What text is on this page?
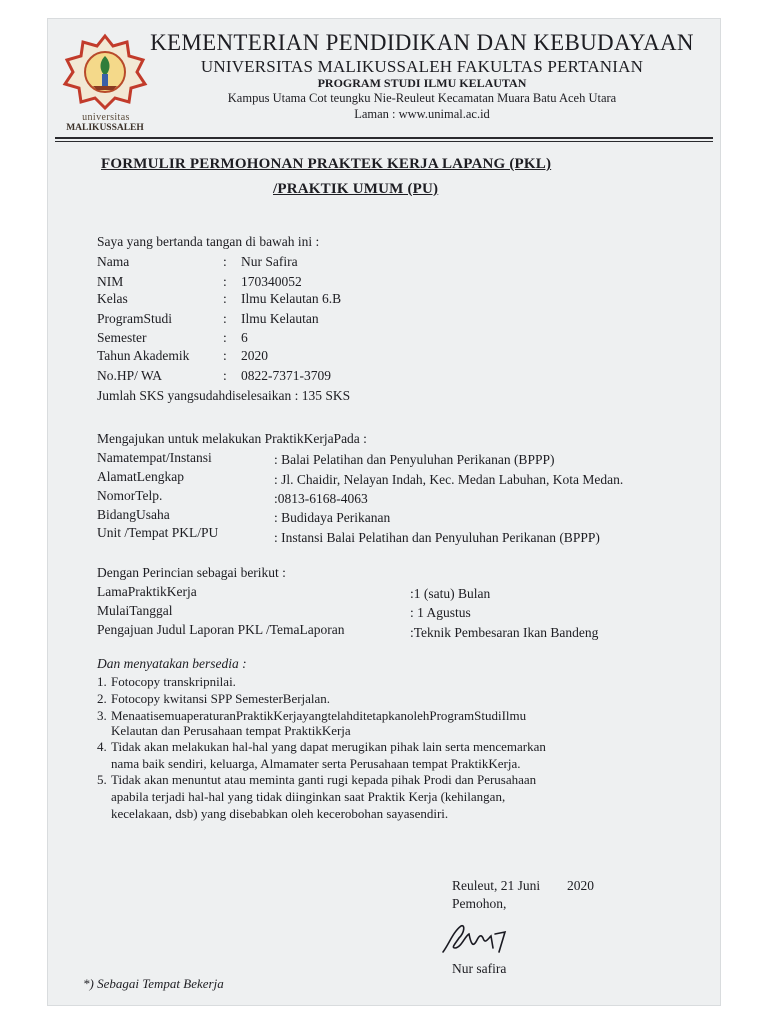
universitas
MALIKUSSALEH
KEMENTERIAN PENDIDIKAN DAN KEBUDAYAAN
UNIVERSITAS MALIKUSSALEH FAKULTAS PERTANIAN
PROGRAM STUDI ILMU KELAUTAN
Kampus Utama Cot teungku Nie-Reuleut Kecamatan Muara Batu Aceh Utara
Laman : www.unimal.ac.id
FORMULIR PERMOHONAN PRAKTEK KERJA LAPANG (PKL)
/PRAKTIK UMUM (PU)
Saya yang bertanda tangan di bawah ini :
Nama	: Nur Safira
NIM	: 170340052
Kelas	: Ilmu Kelautan 6.B
ProgramStudi	: Ilmu Kelautan
Semester	: 6
Tahun Akademik : 2020
No.HP/ WA	: 0822-7371-3709
Jumlah SKS yangsudahdiselesaikan : 135 SKS
Mengajukan untuk melakukan PraktikKerjaPada :
Namatempat/Instansi	: Balai Pelatihan dan Penyuluhan Perikanan (BPPP)
AlamatLengkap	: Jl. Chaidir, Nelayan Indah, Kec. Medan Labuhan, Kota Medan.
NomorTelp.	:0813-6168-4063
BidangUsaha	: Budidaya Perikanan
Unit /Tempat PKL/PU	: Instansi Balai Pelatihan dan Penyuluhan Perikanan (BPPP)
Dengan Perincian sebagai berikut :
LamaPraktikKerja	:1 (satu) Bulan
MulaiTanggal	: 1 Agustus
Pengajuan Judul Laporan PKL /TemaLaporan	:Teknik Pembesaran Ikan Bandeng
Dan menyatakan bersedia :
1. Fotocopy transkripnilai.
2. Fotocopy kwitansi SPP SemesterBerjalan.
3. MenaatisemuaperaturanPraktikKerjayangtelahditetapkanolehProgramStudiIlmu
Kelautan dan Perusahaan tempat PraktikKerja
4. Tidak akan melakukan hal-hal yang dapat merugikan pihak lain serta mencemarkan
nama baik sendiri, keluarga, Almamater serta Perusahaan tempat PraktikKerja.
5. Tidak akan menuntut atau meminta ganti rugi kepada pihak Prodi dan Perusahaan
apabila terjadi hal-hal yang tidak diinginkan saat Praktik Kerja (kehilangan,
kecelakaan, dsb) yang disebabkan oleh kecerobohan sayasendiri.
Reuleut, 21 Juni 2020
Pemohon,
Nur safira
*) Sebagai Tempat Bekerja
